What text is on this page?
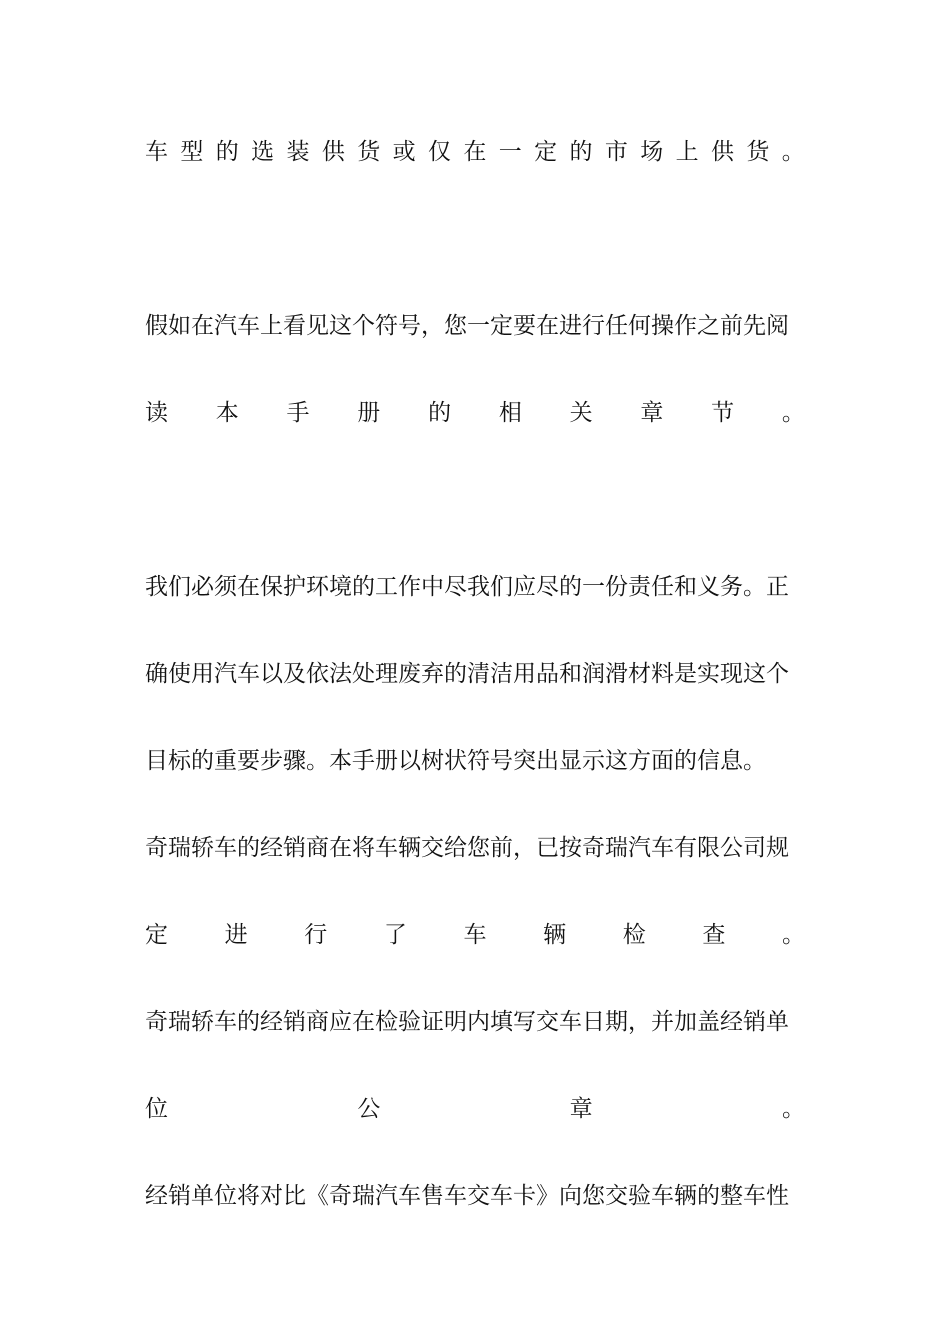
车 型 的 选 装 供 货 或 仅 在 一 定 的 市 场 上 供 货 。
假如在汽车上看见这个符号，您一定要在进行任何操作之前先阅
读 本 手 册 的 相 关 章 节 。
我们必须在保护环境的工作中尽我们应尽的一份责任和义务。正
确使用汽车以及依法处理废弃的清洁用品和润滑材料是实现这个
目标的重要步骤。本手册以树状符号突出显示这方面的信息。
奇瑞轿车的经销商在将车辆交给您前，已按奇瑞汽车有限公司规
定 进 行 了 车 辆 检 查 。
奇瑞轿车的经销商应在检验证明内填写交车日期，并加盖经销单
位	公	章	。
经销单位将对比《奇瑞汽车售车交车卡》向您交验车辆的整车性
